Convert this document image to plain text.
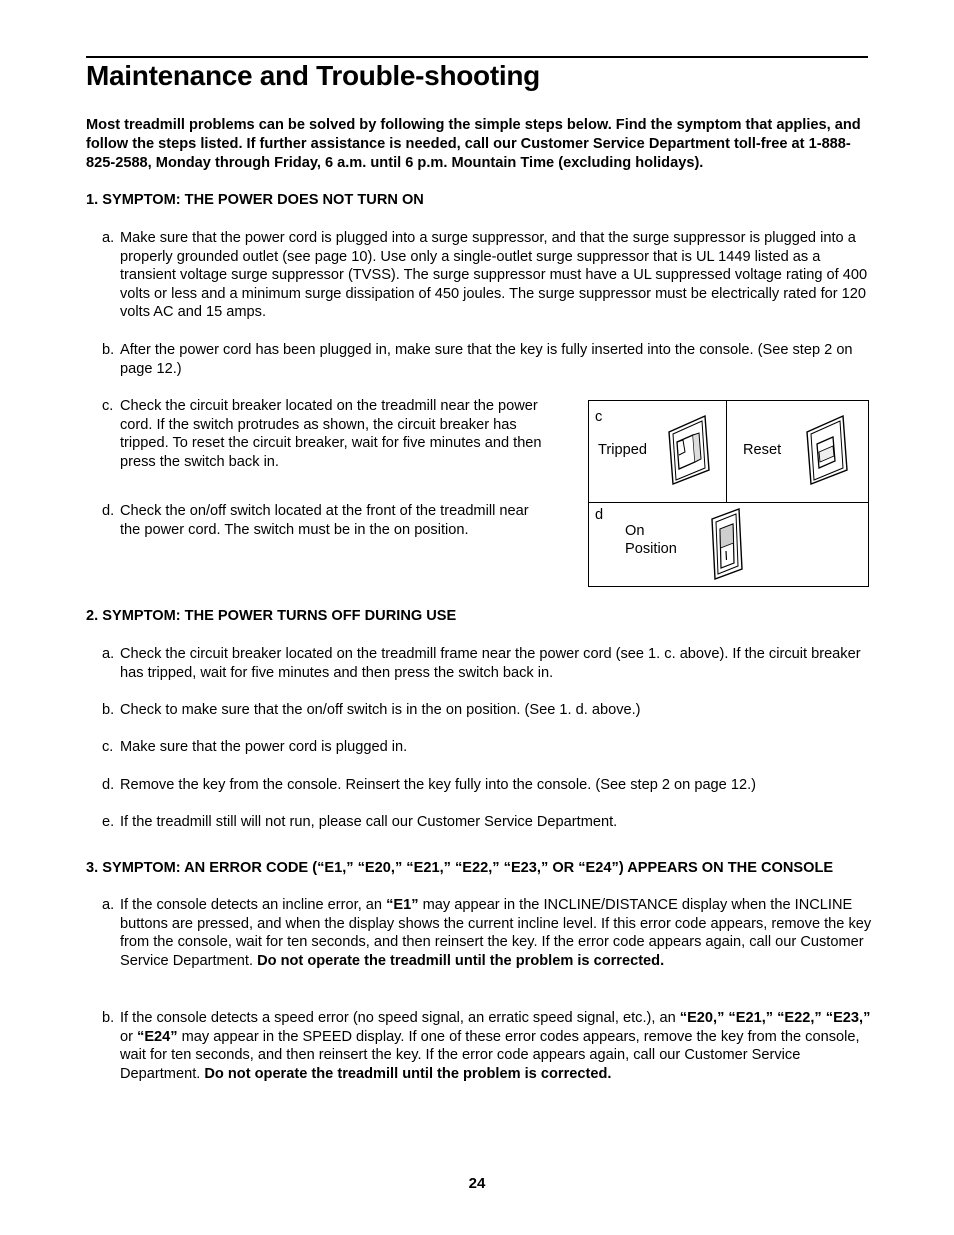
Maintenance and Trouble-shooting

Most treadmill problems can be solved by following the simple steps below. Find the symptom that applies, and follow the steps listed. If further assistance is needed, call our Customer Service Department toll-free at 1-888-825-2588, Monday through Friday, 6 a.m. until 6 p.m. Mountain Time (excluding holidays).

1. SYMPTOM: THE POWER DOES NOT TURN ON

a. Make sure that the power cord is plugged into a surge suppressor, and that the surge suppressor is plugged into a properly grounded outlet (see page 10). Use only a single-outlet surge suppressor that is UL 1449 listed as a transient voltage surge suppressor (TVSS). The surge suppressor must have a UL suppressed voltage rating of 400 volts or less and a minimum surge dissipation of 450 joules. The surge suppressor must be electrically rated for 120 volts AC and 15 amps.
b. After the power cord has been plugged in, make sure that the key is fully inserted into the console. (See step 2 on page 12.)
c. Check the circuit breaker located on the treadmill near the power cord. If the switch protrudes as shown, the circuit breaker has tripped. To reset the circuit breaker, wait for five minutes and then press the switch back in.
d. Check the on/off switch located at the front of the treadmill near the power cord. The switch must be in the on position.
c
Tripped	Reset
d
On
Position

2. SYMPTOM: THE POWER TURNS OFF DURING USE

a. Check the circuit breaker located on the treadmill frame near the power cord (see 1. c. above). If the circuit breaker has tripped, wait for five minutes and then press the switch back in.
b. Check to make sure that the on/off switch is in the on position. (See 1. d. above.)
c. Make sure that the power cord is plugged in.
d. Remove the key from the console. Reinsert the key fully into the console. (See step 2 on page 12.)
e. If the treadmill still will not run, please call our Customer Service Department.

3. SYMPTOM: AN ERROR CODE (“E1,” “E20,” “E21,” “E22,” “E23,” OR “E24”) APPEARS ON THE CONSOLE

a. If the console detects an incline error, an “E1” may appear in the INCLINE/DISTANCE display when the INCLINE buttons are pressed, and when the display shows the current incline level. If this error code appears, remove the key from the console, wait for ten seconds, and then reinsert the key. If the error code appears again, call our Customer Service Department. Do not operate the treadmill until the problem is corrected.
b. If the console detects a speed error (no speed signal, an erratic speed signal, etc.), an “E20,” “E21,” “E22,” “E23,” or “E24” may appear in the SPEED display. If one of these error codes appears, remove the key from the console, wait for ten seconds, and then reinsert the key. If the error code appears again, call our Customer Service Department. Do not operate the treadmill until the problem is corrected.
24
